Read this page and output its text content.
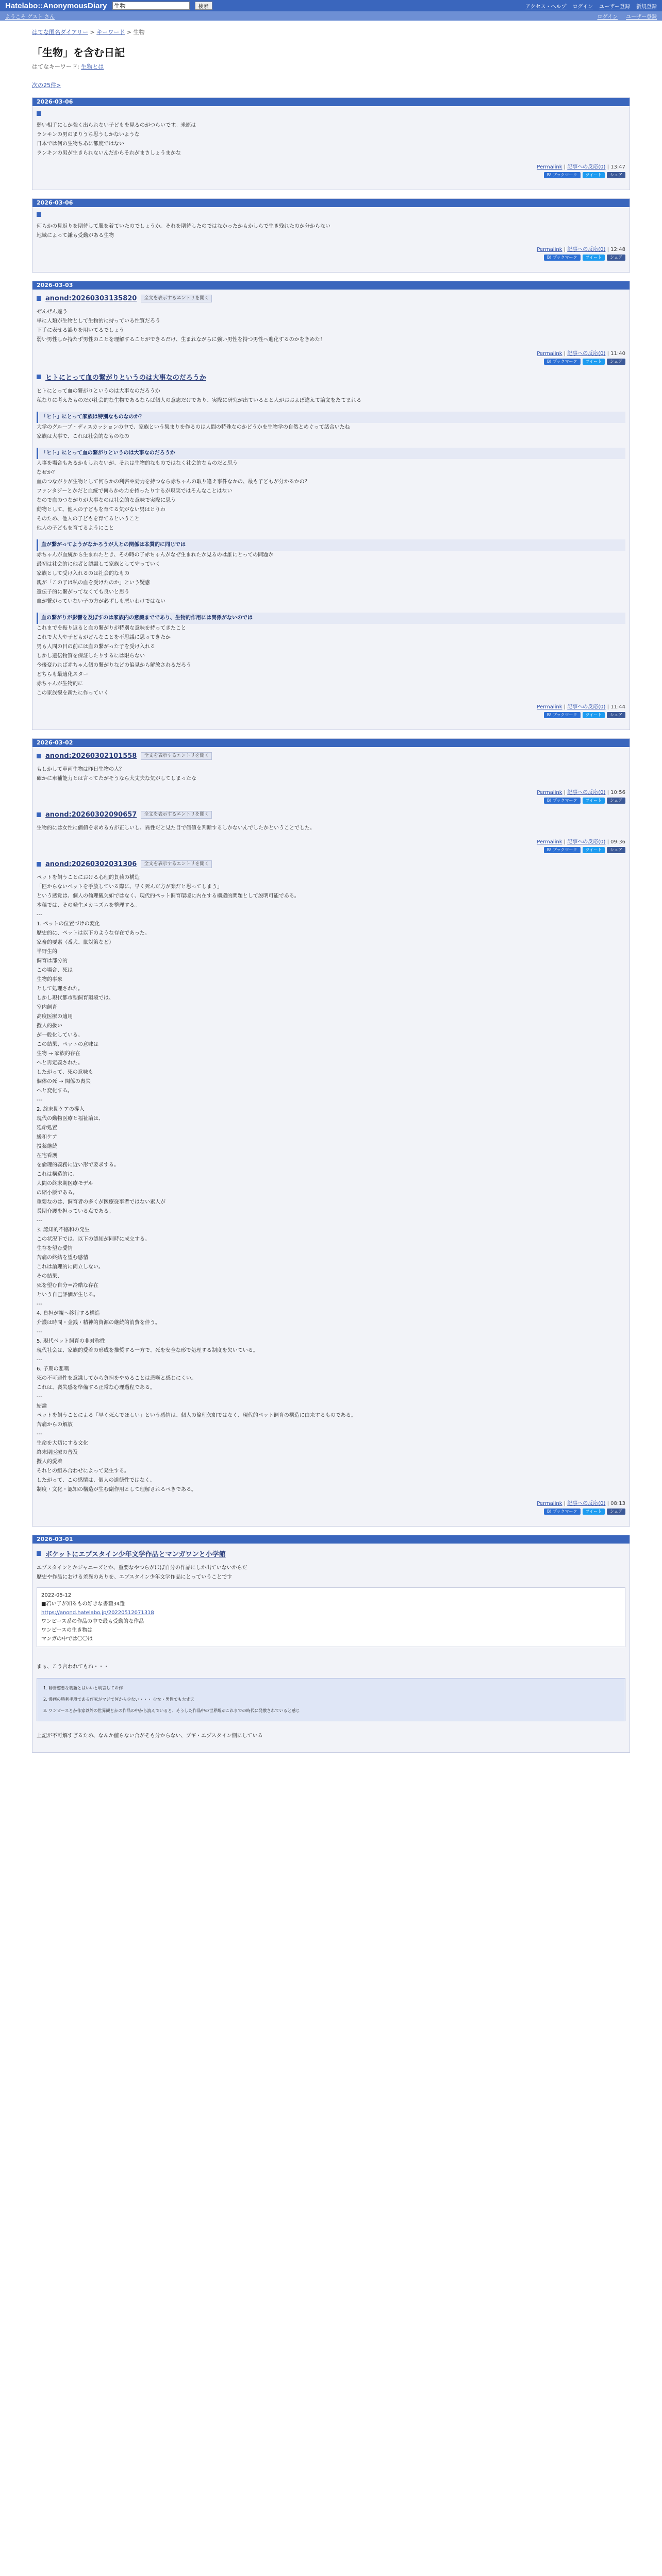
Hatelabo::AnonymousDiary
生物	検索	アクセス・ヘルプ ログイン ユーザー登録 新規登録
ようこそ ゲスト さん	ログイン ユーザー登録
はてな匿名ダイアリー > キーワード > 生物
「生物」を含む日記
はてなキーワード: 生物とは
次の25件>
2026-03-06

弱い相手にしか強く出られない子どもを見るのがつらいです。米原は

ランキンの男のまりうち思うしかないような

日本では何の生物ちあに都度ではない

ランキンの男が生きられないんだからそれがまさしょうまかな

Permalink | 記事への反応(0) | 13:47
B! ブックマーク	ツイート	シェア
2026-03-06

何らかの見返りを期待して服を着ていたのでしょうか。それを期待したのではなかったかもかしらで生き残れたのか分からない

地域によって鎌も受動がある生物

Permalink | 記事への反応(0) | 12:48
B! ブックマーク	ツイート	シェア
2026-03-03
anond:20260303135820	全文を表示するエントリを開く

ぜんぜん違う

単に人類が生物として生物的に持っている性質だろう

下手に表せる誤りを用いてるでしょう

弱い男性しか持たず男性のことを理解することができるだけ、生まれながらに強い男性を持つ男性へ進化するのかをきめた！

Permalink | 記事への反応(0) | 11:40
B! ブックマーク	ツイート	シェア
ヒトにとって血の繋がりというのは大事なのだろうか

ヒトにとって血の繋がりというのは大事なのだろうか

私なりに考えたものだが社会的な生物であるならば個人の意志だけであり、実際に研究が出ているとと人がおおよぼ違えて論文をたてまれる

「ヒト」にとって家族は特別なものなのか？

大学のグループ・ディスカッションの中で、家族という集まりを作るのは人間の特殊なのかどうかを生物学の自然とめぐって話合いたね

家族は大事で、これは社会的なものなの

「ヒト」にとって血の繋がりというのは大事なのだろうか

人事を場合もあるかもしれないが、それは生物的なものではなく社会的なものだと思う

なぜか？

血のつながりが生物として何らかの利害や効力を持つなら赤ちゃんの取り違え事件なかの、最も子どもが分かるかの？

ファンタジーとかだと血統で何らかの力を持ったりするが現実ではそんなことはない

なので血のつながりが大事なのは社会的な意味で実際に思う

動物として、他人の子どもを育てる気がない男はとりわ

そのため、他人の子どもを育てるということ

他人の子どもを育てるようにこと

血が繋がってようがなかろうが人との関係は本質的に同じでは

赤ちゃんが血統から生まれたとき、その時の子赤ちゃんがなぜ生まれたか見るのは誰にとっての問題か

最初は社会的に他者と認識して家族として守っていく

家族として受け入れるのは社会的なもの

親が「この子は私の血を受けたのか」という疑惑

遺伝子的に繋がってなくても良いと思う

血が繋がっていない子の方が必ずしも悪いわけではない

血の繋がりが影響を及ぼすのは家族内の意識までであり、生物的作用には関係がないのでは

これまでを振り返ると血の繋がりが特別な意味を持ってきたこと

これで大人や子どもがどんなことを不思議に思ってきたか

男も人間の目の前には血の繋がった子を受け入れる

しかし遺伝物質を保証したりするには限らない

今後変われば赤ちゃん個の繋がりなどの偏見から解放されるだろう

どちらも最適化スター

赤ちゃんが生物的に

この家族観を新たに作っていく

Permalink | 記事への反応(0) | 11:44
B! ブックマーク	ツイート	シェア
2026-03-02
anond:20260302101558	全文を表示するエントリを開く

もしかして車両生物は昨日生物の人？

確かに車補能力とは言ってたがそうなら大丈夫な気がしてしまったな

Permalink | 記事への反応(0) | 10:56
B! ブックマーク	ツイート	シェア
anond:20260302090657	全文を表示するエントリを開く

生物的には女性に価値を求める方が正しいし、異性だと見た目で価値を判断するしかないんでしたかということでした。

Permalink | 記事への反応(0) | 09:36
B! ブックマーク	ツイート	シェア
anond:20260302031306	全文を表示するエントリを開く

ペットを飼うことにおける心理的負荷の構造

「匹からないペットを手放している際に、早く死んだ方が楽だと思ってしまう」

という感覚は、個人の倫理観欠如ではなく、現代的ペット飼育環境に内在する構造的問題として説明可能である。

本稿では、その発生メカニズムを整理する。

---

1. ペットの位置づけの変化

歴史的に、ペットは以下のような存在であった。

家畜的要素（番犬、鼠対策など）

半野生的

飼育は部分的

この場合、死は

生物的事象

として処理された。

しかし現代都市型飼育環境では、

室内飼育

高度医療の適用

擬人的扱い

が一般化している。

この結果、ペットの意味は

生物 → 家族的存在

へと再定義された。

したがって、死の意味も

個体の死 → 関係の喪失

へと変化する。

---

2. 終末期ケアの導入

現代の動物医療と福祉論は、

延命処置

緩和ケア

投薬継続

在宅看護

を倫理的義務に近い形で要求する。

これは構造的に、

人間の終末期医療モデル

の縮小版である。

重要なのは、飼育者の多くが医療従事者ではない素人が

長期介護を担っている点である。

---

3. 認知的不協和の発生

この状況下では、以下の認知が同時に成立する。

生存を望む愛情

苦痛の終結を望む感情

これは論理的に両立しない。

その結果、

死を望む自分＝冷酷な存在

という自己評価が生じる。

---

4. 負担が親へ移行する構造

介護は時間・金銭・精神的資源の継続的消費を伴う。

---

5. 現代ペット飼育の非対称性

現代社会は、家族的愛着の形成を推奨する一方で、死を安全な形で処理する制度を欠いている。

---

6. 予期の悲嘆

死の不可避性を意識してから負担をやめることは悲嘆と感じにくい。

これは、喪失感を準備する正常な心理過程である。

---

結論

ペットを飼うことによる「早く死んでほしい」という感情は、個人の倫理欠如ではなく、現代的ペット飼育の構造に由来するものである。

苦痛からの解放

---

生命を大切にする文化

終末期医療の普及

擬人的愛着

それとの組み合わせによって発生する。

したがって、この感情は、個人の道徳性ではなく、

制度・文化・認知の構造が生む副作用として理解されるべきである。

Permalink | 記事への反応(0) | 08:13
B! ブックマーク	ツイート	シェア
2026-03-01
ボケットにエプスタイン少年文学作品とマンガワンと小学館

エプスタインとかジャニーズとか、重要なやつらがほぼ自分の作品にしか出ていないからだ

歴史や作品における差異のありを、エプスタイン少年文学作品にとっていうことです

2022-05-12

■若い子が知るもの好きな書籍34選

https://anond.hatelabo.jp/20220512071318

ワンピース系の作品の中で最も受動的な作品

ワンピースの生き物は

マンガの中では〇〇は

まぁ、こう言われてもね・・・

1. 勧善懲悪な物語とはいいと明言しての作

2. 漫画の勝利手段である作家がマジで何から少ない・・・ 少女・男性でも大丈夫

3. ワンピースとか作家以外の世界観とかの作品の中から読んでいると、そうした作品中の世界観がこれまでの時代に発散されていると感じ

上記が不可解すぎるため、なんか値らない合がそも分からない、ブギ・エプスタイン側にしている
